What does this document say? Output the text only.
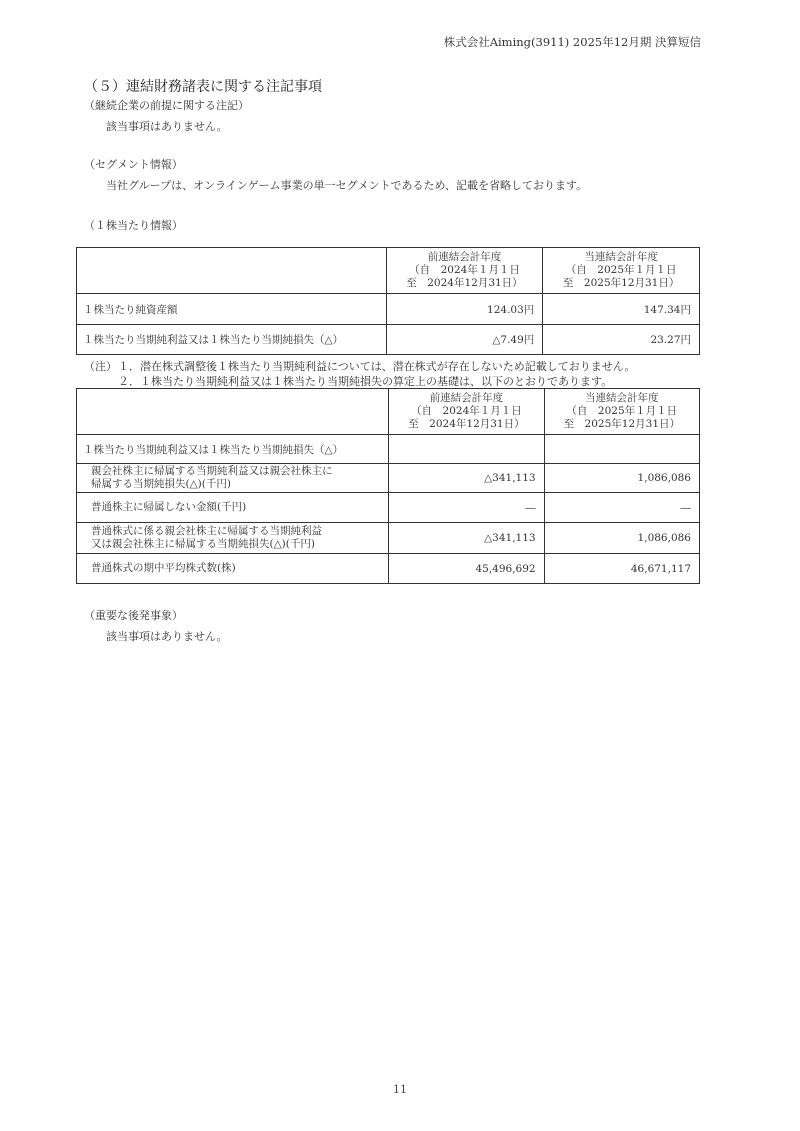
株式会社Aiming(3911) 2025年12月期 決算短信
（５）連結財務諸表に関する注記事項
（継続企業の前提に関する注記）
該当事項はありません。
（セグメント情報）
当社グループは、オンラインゲーム事業の単一セグメントであるため、記載を省略しております。
（１株当たり情報）

	前連結会計年度
（自　2024年１月１日
至　2024年12月31日）	当連結会計年度
（自　2025年１月１日
至　2025年12月31日）

１株当たり純資産額	124.03円	147.34円
１株当たり当期純利益又は１株当たり当期純損失（△）	△7.49円	23.27円
（注） １．潜在株式調整後１株当たり当期純利益については、潜在株式が存在しないため記載しておりません。
２．１株当たり当期純利益又は１株当たり当期純損失の算定上の基礎は、以下のとおりであります。

	前連結会計年度
（自　2024年１月１日
至　2024年12月31日）	当連結会計年度
（自　2025年１月１日
至　2025年12月31日）

１株当たり当期純利益又は１株当たり当期純損失（△）		

親会社株主に帰属する当期純利益又は親会社株主に
帰属する当期純損失(△)(千円)	△341,113	1,086,086
普通株主に帰属しない金額(千円)	―	―

普通株式に係る親会社株主に帰属する当期純利益
又は親会社株主に帰属する当期純損失(△)(千円)	△341,113	1,086,086
普通株式の期中平均株式数(株)	45,496,692	46,671,117
（重要な後発事象）
該当事項はありません。
11
